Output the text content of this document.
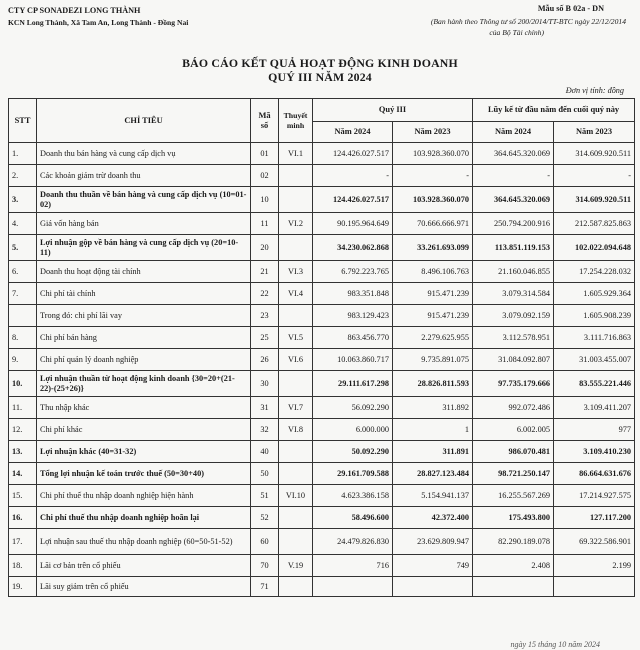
CTY CP SONADEZI LONG THÀNH
KCN Long Thành, Xã Tam An, Long Thành - Đồng Nai
Mẫu số B 02a - DN
(Ban hành theo Thông tư số 200/2014/TT-BTC ngày 22/12/2014
của Bộ Tài chính)
BÁO CÁO KẾT QUẢ HOẠT ĐỘNG KINH DOANH
QUÝ III NĂM 2024
Đơn vị tính: đồng
STT	CHỈ TIÊU	Mã số	Thuyết minh	Quý III		Lũy kế từ đầu năm đến cuối quý này	
				Năm 2024	Năm 2023	Năm 2024	Năm 2023
1.	Doanh thu bán hàng và cung cấp dịch vụ	01	VI.1	124.426.027.517	103.928.360.070	364.645.320.069	314.609.920.511
2.	Các khoản giảm trừ doanh thu	02		-	-	-	-
3.	Doanh thu thuần về bán hàng và cung cấp dịch vụ (10=01-02)	10		124.426.027.517	103.928.360.070	364.645.320.069	314.609.920.511
4.	Giá vốn hàng bán	11	VI.2	90.195.964.649	70.666.666.971	250.794.200.916	212.587.825.863
5.	Lợi nhuận gộp về bán hàng và cung cấp dịch vụ (20=10-11)	20		34.230.062.868	33.261.693.099	113.851.119.153	102.022.094.648
6.	Doanh thu hoạt động tài chính	21	VI.3	6.792.223.765	8.496.106.763	21.160.046.855	17.254.228.032
7.	Chi phí tài chính	22	VI.4	983.351.848	915.471.239	3.079.314.584	1.605.929.364
	Trong đó: chi phí lãi vay	23		983.129.423	915.471.239	3.079.092.159	1.605.908.239
8.	Chi phí bán hàng	25	VI.5	863.456.770	2.279.625.955	3.112.578.951	3.111.716.863
9.	Chi phí quản lý doanh nghiệp	26	VI.6	10.063.860.717	9.735.891.075	31.084.092.807	31.003.455.007
10.	Lợi nhuận thuần từ hoạt động kinh doanh {30=20+(21-22)-(25+26)}	30		29.111.617.298	28.826.811.593	97.735.179.666	83.555.221.446
11.	Thu nhập khác	31	VI.7	56.092.290	311.892	992.072.486	3.109.411.207
12.	Chi phí khác	32	VI.8	6.000.000	1	6.002.005	977
13.	Lợi nhuận khác (40=31-32)	40		50.092.290	311.891	986.070.481	3.109.410.230
14.	Tổng lợi nhuận kế toán trước thuế (50=30+40)	50		29.161.709.588	28.827.123.484	98.721.250.147	86.664.631.676
15.	Chi phí thuế thu nhập doanh nghiệp hiện hành	51	VI.10	4.623.386.158	5.154.941.137	16.255.567.269	17.214.927.575
16.	Chi phí thuế thu nhập doanh nghiệp hoãn lại	52		58.496.600	42.372.400	175.493.800	127.117.200
17.	Lợi nhuận sau thuế thu nhập doanh nghiệp (60=50-51-52)	60		24.479.826.830	23.629.809.947	82.290.189.078	69.322.586.901
18.	Lãi cơ bản trên cổ phiếu	70	V.19	716	749	2.408	2.199
19.	Lãi suy giảm trên cổ phiếu	71					
ngày 15 tháng 10 năm 2024
